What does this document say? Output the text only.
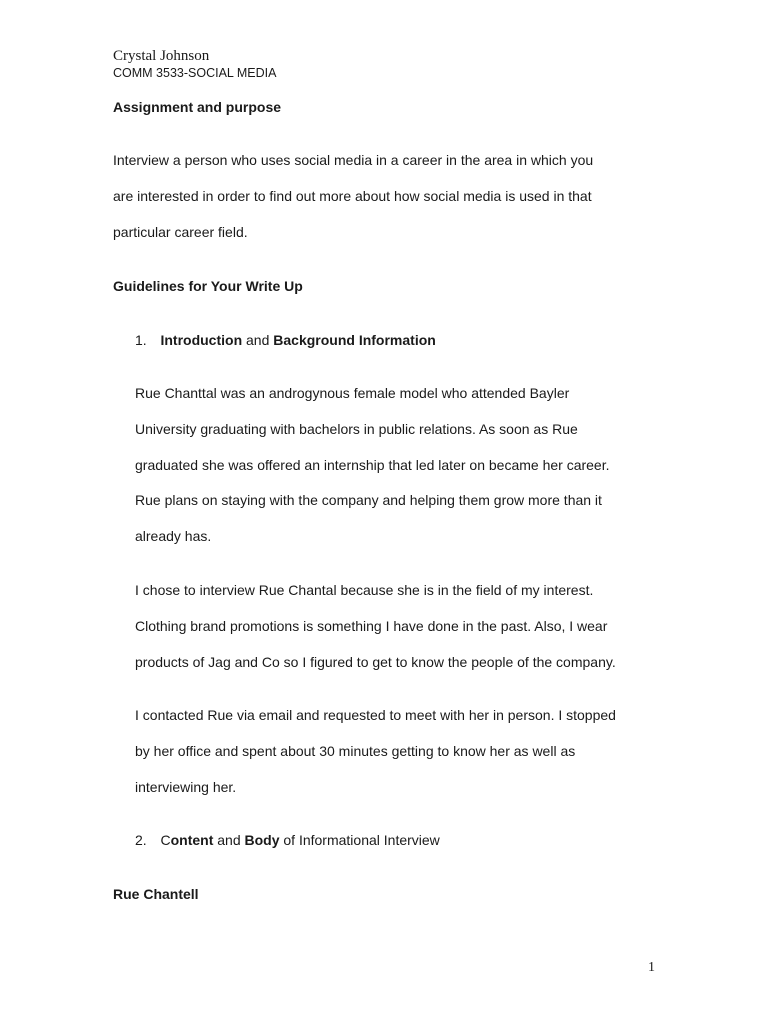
Crystal Johnson
COMM 3533-SOCIAL MEDIA
Assignment and purpose
Interview a person who uses social media in a career in the area in which you
are interested in order to find out more about how social media is used in that
particular career field.
Guidelines for Your Write Up
1. Introduction and Background Information
Rue Chanttal was an androgynous female model who attended Bayler
University graduating with bachelors in public relations. As soon as Rue
graduated she was offered an internship that led later on became her career.
Rue plans on staying with the company and helping them grow more than it
already has.
I chose to interview Rue Chantal because she is in the field of my interest.
Clothing brand promotions is something I have done in the past. Also, I wear
products of Jag and Co so I figured to get to know the people of the company.
I contacted Rue via email and requested to meet with her in person. I stopped
by her office and spent about 30 minutes getting to know her as well as
interviewing her.
2. Content and Body of Informational Interview
Rue Chantell
1
